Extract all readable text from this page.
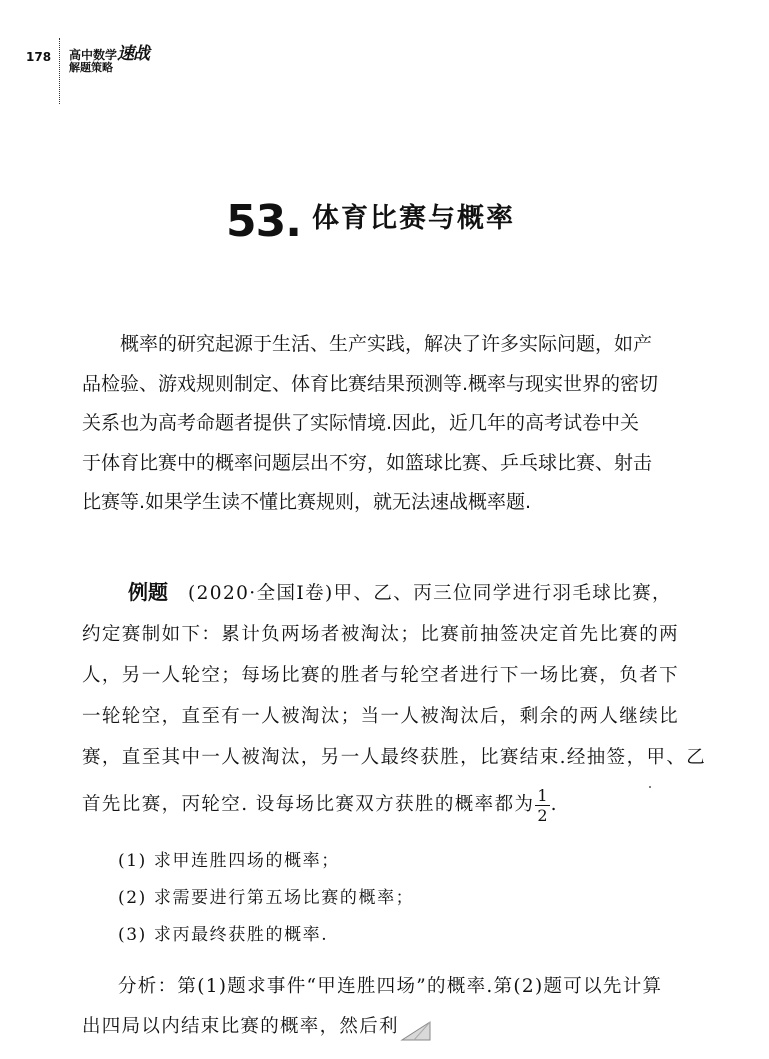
178 高中数学速战
解题策略
53. 体育比赛与概率
概率的研究起源于生活、生产实践，解决了许多实际问题，如产
品检验、游戏规则制定、体育比赛结果预测等.概率与现实世界的密切
关系也为高考命题者提供了实际情境.因此，近几年的高考试卷中关
于体育比赛中的概率问题层出不穷，如篮球比赛、乒乓球比赛、射击
比赛等.如果学生读不懂比赛规则，就无法速战概率题.
例题 (2020·全国Ⅰ卷)甲、乙、丙三位同学进行羽毛球比赛，
约定赛制如下：累计负两场者被淘汰；比赛前抽签决定首先比赛的两
人，另一人轮空；每场比赛的胜者与轮空者进行下一场比赛，负者下
一轮轮空，直至有一人被淘汰；当一人被淘汰后，剩余的两人继续比
赛，直至其中一人被淘汰，另一人最终获胜，比赛结束.经抽签，甲、乙
首先比赛，丙轮空. 设每场比赛双方获胜的概率都为 $\frac{1}{2}$ .
(1) 求甲连胜四场的概率；
(2) 求需要进行第五场比赛的概率；
(3) 求丙最终获胜的概率.
分析：第(1)题求事件“甲连胜四场”的概率.第(2)题可以先计算
出四局以内结束比赛的概率，然后利
